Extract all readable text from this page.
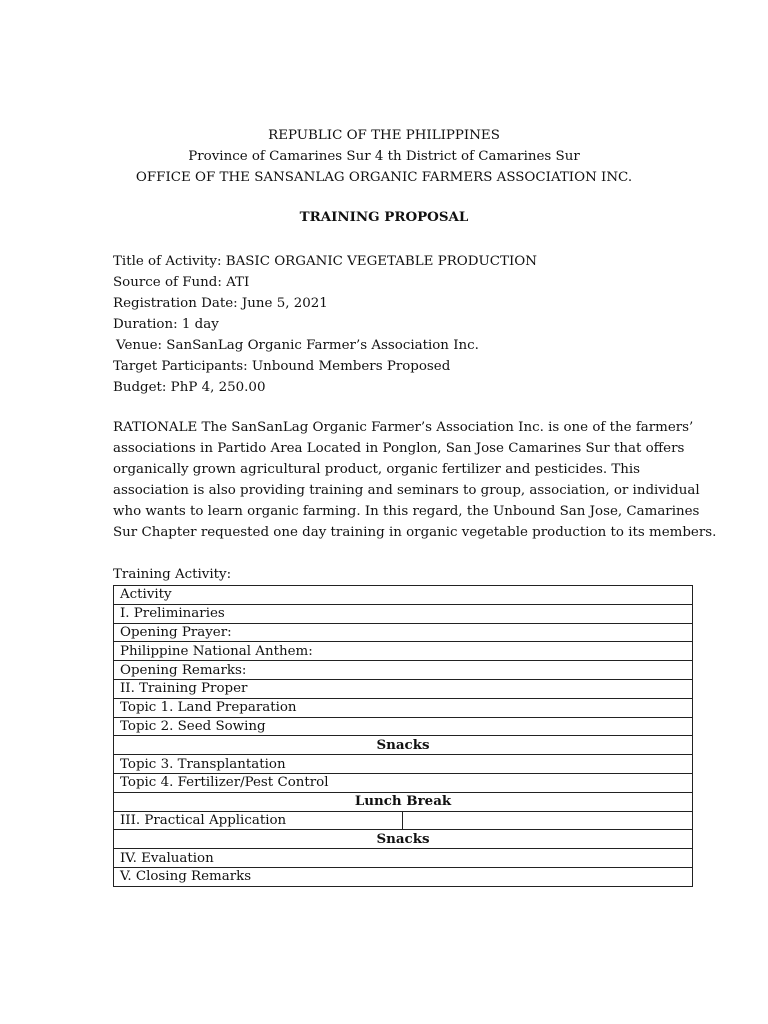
REPUBLIC OF THE PHILIPPINES
Province of Camarines Sur 4 th District of Camarines Sur
OFFICE OF THE SANSANLAG ORGANIC FARMERS ASSOCIATION INC.
TRAINING PROPOSAL
Title of Activity: BASIC ORGANIC VEGETABLE PRODUCTION
Source of Fund: ATI
Registration Date: June 5, 2021
Duration: 1 day
Venue: SanSanLag Organic Farmer’s Association Inc.
Target Participants: Unbound Members Proposed
Budget: PhP 4, 250.00
RATIONALE The SanSanLag Organic Farmer’s Association Inc. is one of the farmers’
associations in Partido Area Located in Ponglon, San Jose Camarines Sur that offers
organically grown agricultural product, organic fertilizer and pesticides. This
association is also providing training and seminars to group, association, or individual
who wants to learn organic farming. In this regard, the Unbound San Jose, Camarines
Sur Chapter requested one day training in organic vegetable production to its members.
Training Activity:
Activity
I. Preliminaries
Opening Prayer:
Philippine National Anthem:
Opening Remarks:
II. Training Proper
Topic 1. Land Preparation
Topic 2. Seed Sowing
Snacks
Topic 3. Transplantation
Topic 4. Fertilizer/Pest Control
Lunch Break
III. Practical Application	
Snacks
IV. Evaluation
V. Closing Remarks
